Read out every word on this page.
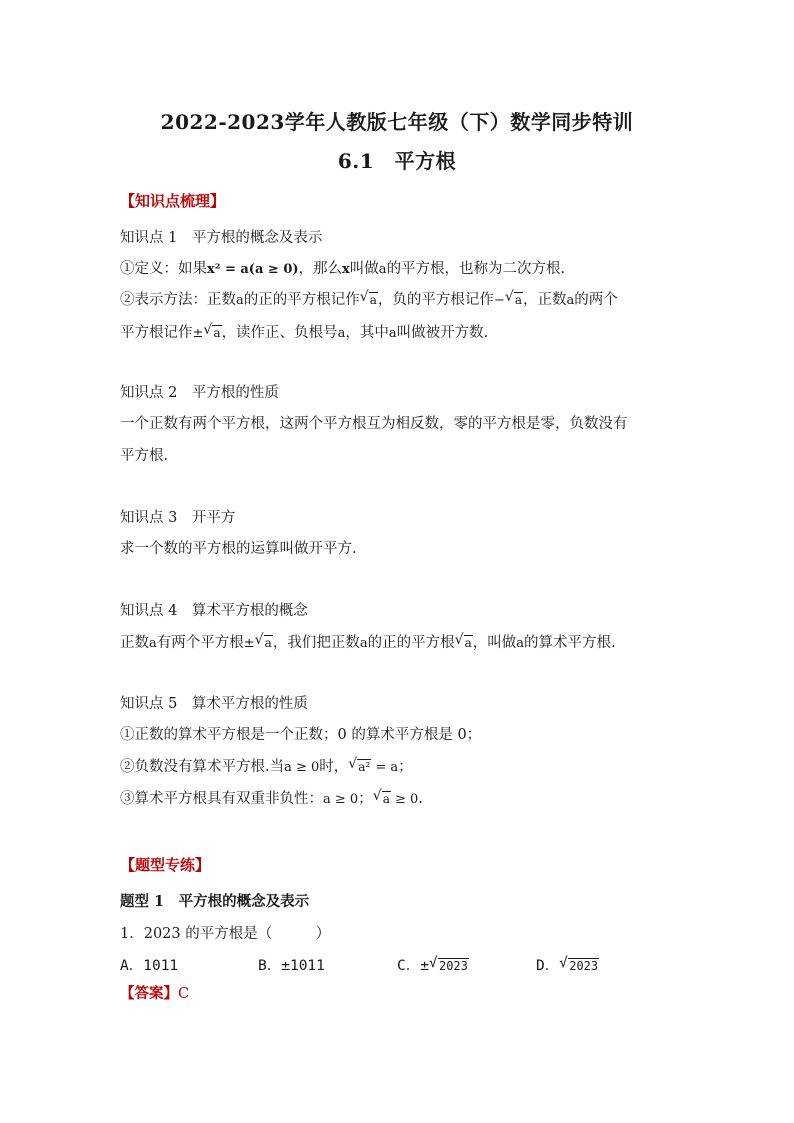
2022-2023学年人教版七年级（下）数学同步特训
6.1　平方根
【知识点梳理】
知识点 1　平方根的概念及表示
①定义：如果x² = a(a ≥ 0)，那么x叫做a的平方根，也称为二次方根.
②表示方法：正数a的正的平方根记作 √ a，负的平方根记作− √ a，正数a的两个
平方根记作± √ a，读作正、负根号a，其中a叫做被开方数.
知识点 2　平方根的性质
一个正数有两个平方根，这两个平方根互为相反数，零的平方根是零，负数没有
平方根.
知识点 3　开平方
求一个数的平方根的运算叫做开平方.
知识点 4　算术平方根的概念
正数a有两个平方根± √ a，我们把正数a的正的平方根 √ a，叫做a的算术平方根.
知识点 5　算术平方根的性质
①正数的算术平方根是一个正数；0 的算术平方根是 0；
②负数没有算术平方根.当a ≥ 0时， √ a² = a；
③算术平方根具有双重非负性：a ≥ 0； √ a ≥ 0.
【题型专练】
题型 1　平方根的概念及表示
1．2023 的平方根是（　　　）
A．1011	B．±1011	C．± √ 2023	D． √ 2023
【答案】C
